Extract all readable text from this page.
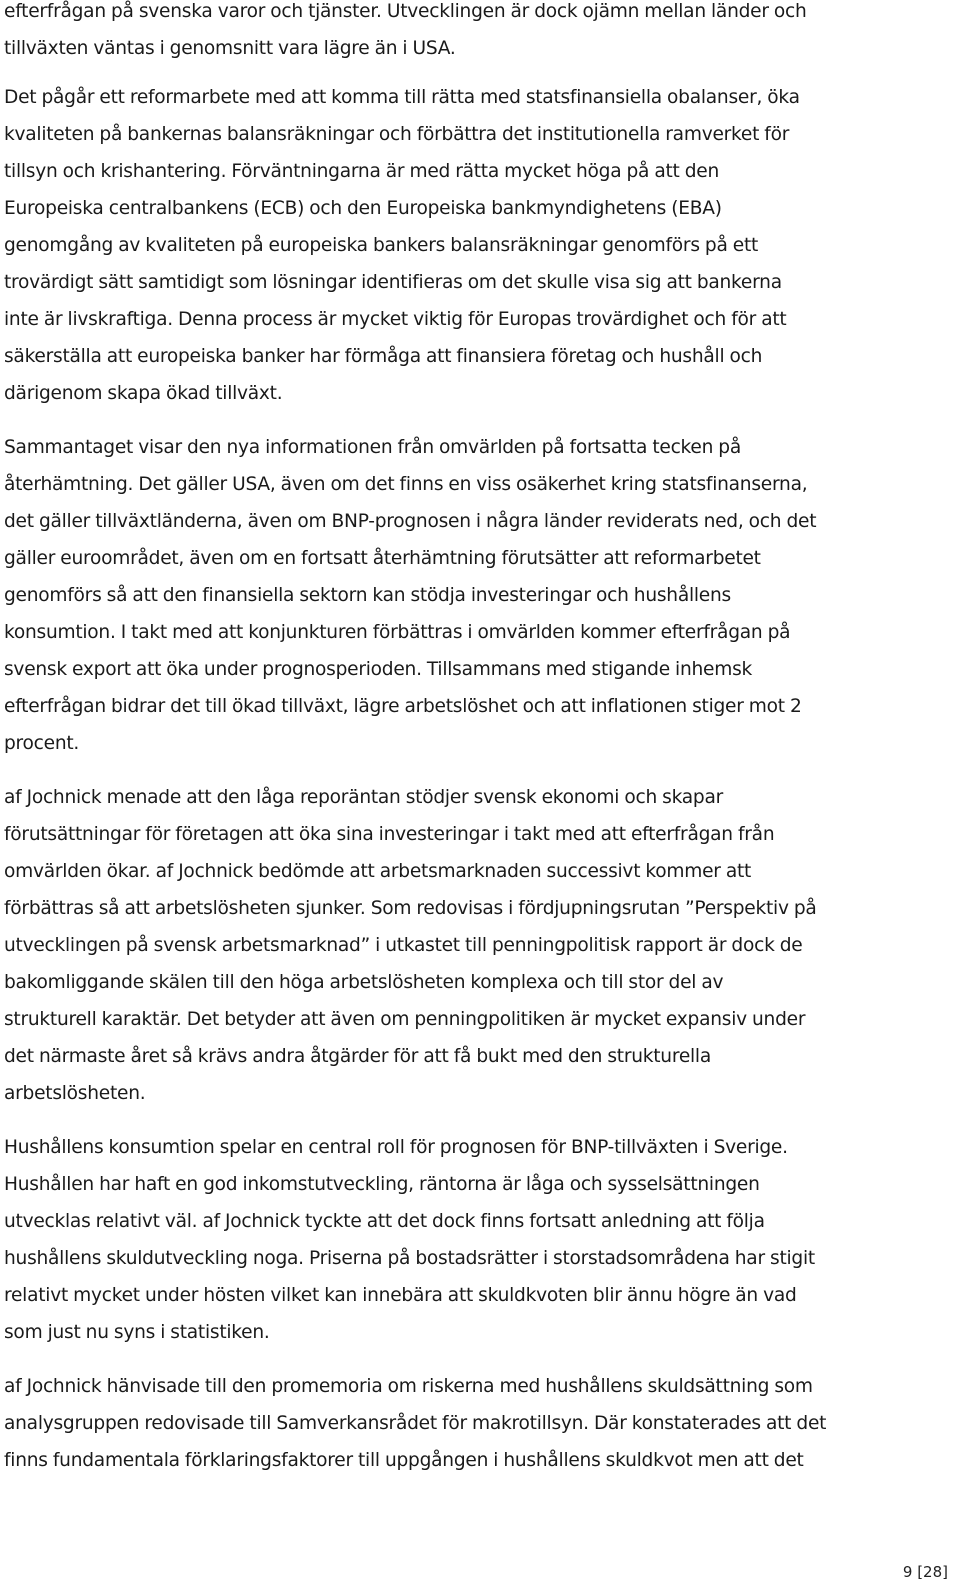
efterfrågan på svenska varor och tjänster. Utvecklingen är dock ojämn mellan länder och
tillväxten väntas i genomsnitt vara lägre än i USA.

Det pågår ett reformarbete med att komma till rätta med statsfinansiella obalanser, öka
kvaliteten på bankernas balansräkningar och förbättra det institutionella ramverket för
tillsyn och krishantering. Förväntningarna är med rätta mycket höga på att den
Europeiska centralbankens (ECB) och den Europeiska bankmyndighetens (EBA)
genomgång av kvaliteten på europeiska bankers balansräkningar genomförs på ett
trovärdigt sätt samtidigt som lösningar identifieras om det skulle visa sig att bankerna
inte är livskraftiga. Denna process är mycket viktig för Europas trovärdighet och för att
säkerställa att europeiska banker har förmåga att finansiera företag och hushåll och
därigenom skapa ökad tillväxt.

Sammantaget visar den nya informationen från omvärlden på fortsatta tecken på
återhämtning. Det gäller USA, även om det finns en viss osäkerhet kring statsfinanserna,
det gäller tillväxtländerna, även om BNP-prognosen i några länder reviderats ned, och det
gäller euroområdet, även om en fortsatt återhämtning förutsätter att reformarbetet
genomförs så att den finansiella sektorn kan stödja investeringar och hushållens
konsumtion. I takt med att konjunkturen förbättras i omvärlden kommer efterfrågan på
svensk export att öka under prognosperioden. Tillsammans med stigande inhemsk
efterfrågan bidrar det till ökad tillväxt, lägre arbetslöshet och att inflationen stiger mot 2
procent.

af Jochnick menade att den låga reporäntan stödjer svensk ekonomi och skapar
förutsättningar för företagen att öka sina investeringar i takt med att efterfrågan från
omvärlden ökar. af Jochnick bedömde att arbetsmarknaden successivt kommer att
förbättras så att arbetslösheten sjunker. Som redovisas i fördjupningsrutan ”Perspektiv på
utvecklingen på svensk arbetsmarknad” i utkastet till penningpolitisk rapport är dock de
bakomliggande skälen till den höga arbetslösheten komplexa och till stor del av
strukturell karaktär. Det betyder att även om penningpolitiken är mycket expansiv under
det närmaste året så krävs andra åtgärder för att få bukt med den strukturella
arbetslösheten.

Hushållens konsumtion spelar en central roll för prognosen för BNP-tillväxten i Sverige.
Hushållen har haft en god inkomstutveckling, räntorna är låga och sysselsättningen
utvecklas relativt väl. af Jochnick tyckte att det dock finns fortsatt anledning att följa
hushållens skuldutveckling noga. Priserna på bostadsrätter i storstadsområdena har stigit
relativt mycket under hösten vilket kan innebära att skuldkvoten blir ännu högre än vad
som just nu syns i statistiken.

af Jochnick hänvisade till den promemoria om riskerna med hushållens skuldsättning som
analysgruppen redovisade till Samverkansrådet för makrotillsyn. Där konstaterades att det
finns fundamentala förklaringsfaktorer till uppgången i hushållens skuldkvot men att det

9 [28]
